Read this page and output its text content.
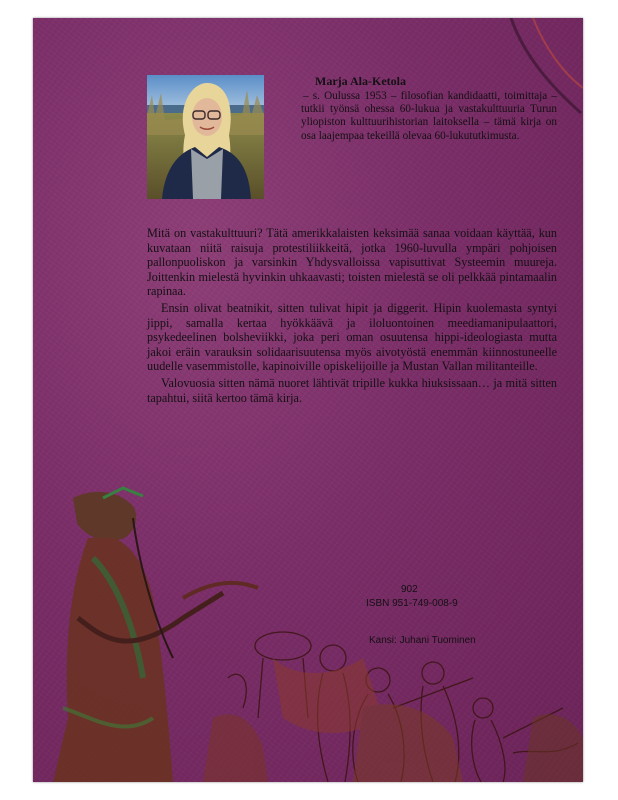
Marja Ala-Ketola
– s. Oulussa 1953 – filosofian kandidaatti, toimittaja – tutkii työnsä ohessa 60-lukua ja vastakulttuuria Turun yliopiston kulttuurihistorian laitoksella – tämä kirja on osa laajempaa tekeillä olevaa 60-lukututkimusta.

Mitä on vastakulttuuri? Tätä amerikkalaisten keksimää sanaa voidaan käyttää, kun kuvataan niitä raisuja protestiliikkeitä, jotka 1960-luvulla ympäri pohjoisen pallonpuoliskon ja varsinkin Yhdysvalloissa vapisuttivat Systeemin muureja. Joittenkin mielestä hyvinkin uhkaavasti; toisten mielestä se oli pelkkää pintamaalin rapinaa.

Ensin olivat beatnikit, sitten tulivat hipit ja diggerit. Hipin kuolemasta syntyi jippi, samalla kertaa hyökkäävä ja iloluontoinen meediamanipulaattori, psykedeelinen bolsheviikki, joka peri oman osuutensa hippi-ideologiasta mutta jakoi eräin varauksin solidaarisuutensa myös aivotyöstä enemmän kiinnostuneelle uudelle vasemmistolle, kapinoiville opiskelijoille ja Mustan Vallan militanteille.

Valovuosia sitten nämä nuoret lähtivät tripille kukka hiuksissaan… ja mitä sitten tapahtui, siitä kertoo tämä kirja.

902
ISBN 951-749-008-9
Kansi: Juhani Tuominen
